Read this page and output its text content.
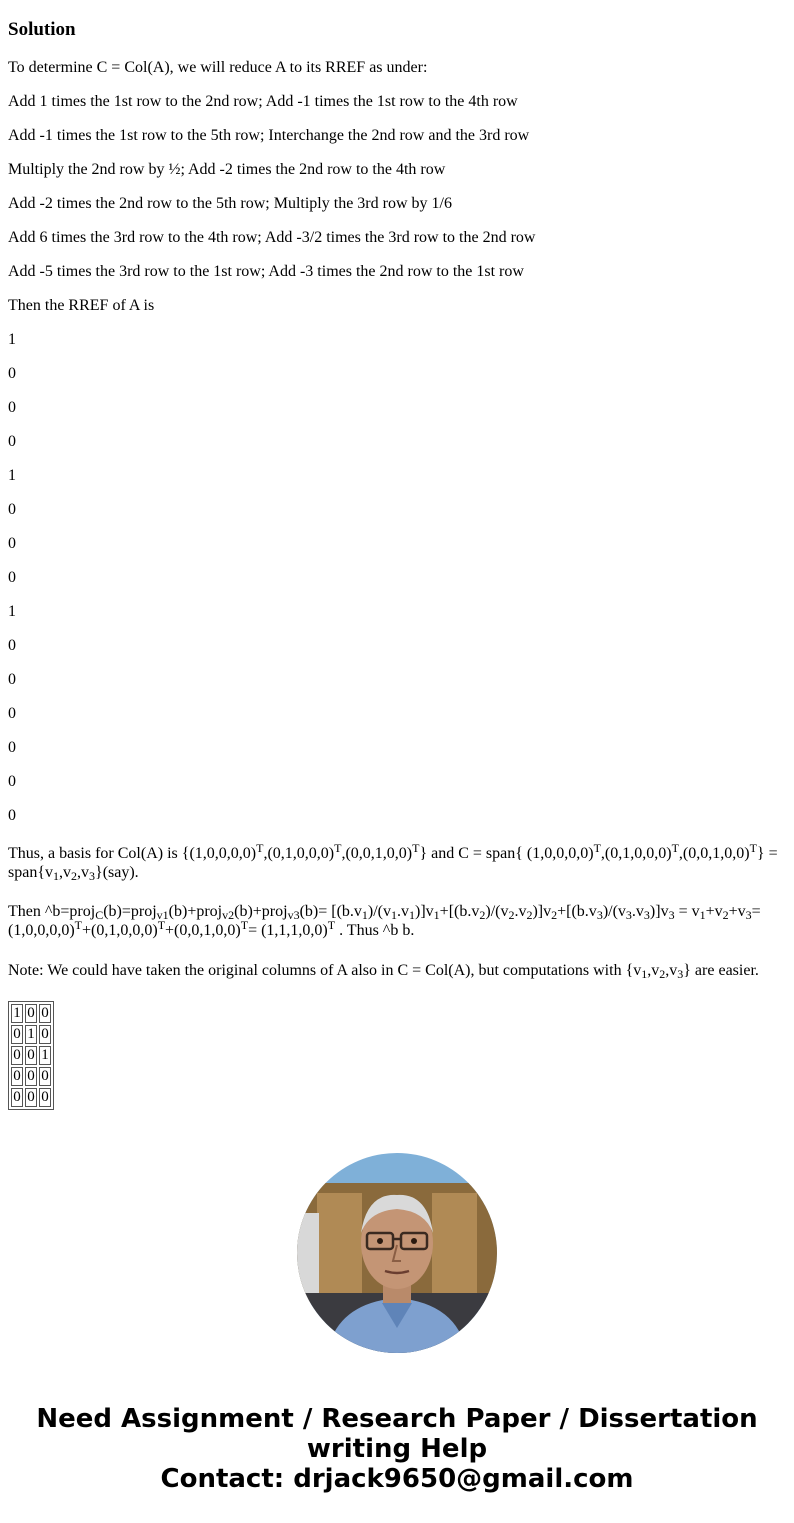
Solution

To determine C = Col(A), we will reduce A to its RREF as under:

Add 1 times the 1st row to the 2nd row; Add -1 times the 1st row to the 4th row

Add -1 times the 1st row to the 5th row; Interchange the 2nd row and the 3rd row

Multiply the 2nd row by ½; Add -2 times the 2nd row to the 4th row

Add -2 times the 2nd row to the 5th row; Multiply the 3rd row by 1/6

Add 6 times the 3rd row to the 4th row; Add -3/2 times the 3rd row to the 2nd row

Add -5 times the 3rd row to the 1st row; Add -3 times the 2nd row to the 1st row

Then the RREF of A is

1

0

0

0

1

0

0

0

1

0

0

0

0

0

0

Thus, a basis for Col(A) is $\{(1,0,0,0,0)^T,(0,1,0,0,0)^T,(0,0,1,0,0)^T\}$ and C = span{ $(1,0,0,0,0)^T,(0,1,0,0,0)^T,(0,0,1,0,0)^T$} = $span\{v_1,v_2,v_3\}(say)$.

Then ^b=proj$_C$(b)=proj$_{v1}$(b)+proj$_{v2}$(b)+proj$_{v3}$(b)= $[(b.v_1)/(v_1.v_1)]v_1+[(b.v_2)/(v_2.v_2)]v_2+[(b.v_3)/(v_3.v_3)]v_3 = v_1+v_2+v_3= (1,0,0,0,0)^T+(0,1,0,0,0)^T+(0,0,1,0,0)^T= (1,1,1,0,0)^T$ . Thus ^b b.

Note: We could have taken the original columns of A also in C = Col(A), but computations with $\{v_1,v_2,v_3\}$ are easier.

1	0	0
0	1	0
0	0	1
0	0	0
0	0	0
Need Assignment / Research Paper / Dissertation
writing Help
Contact: drjack9650@gmail.com
